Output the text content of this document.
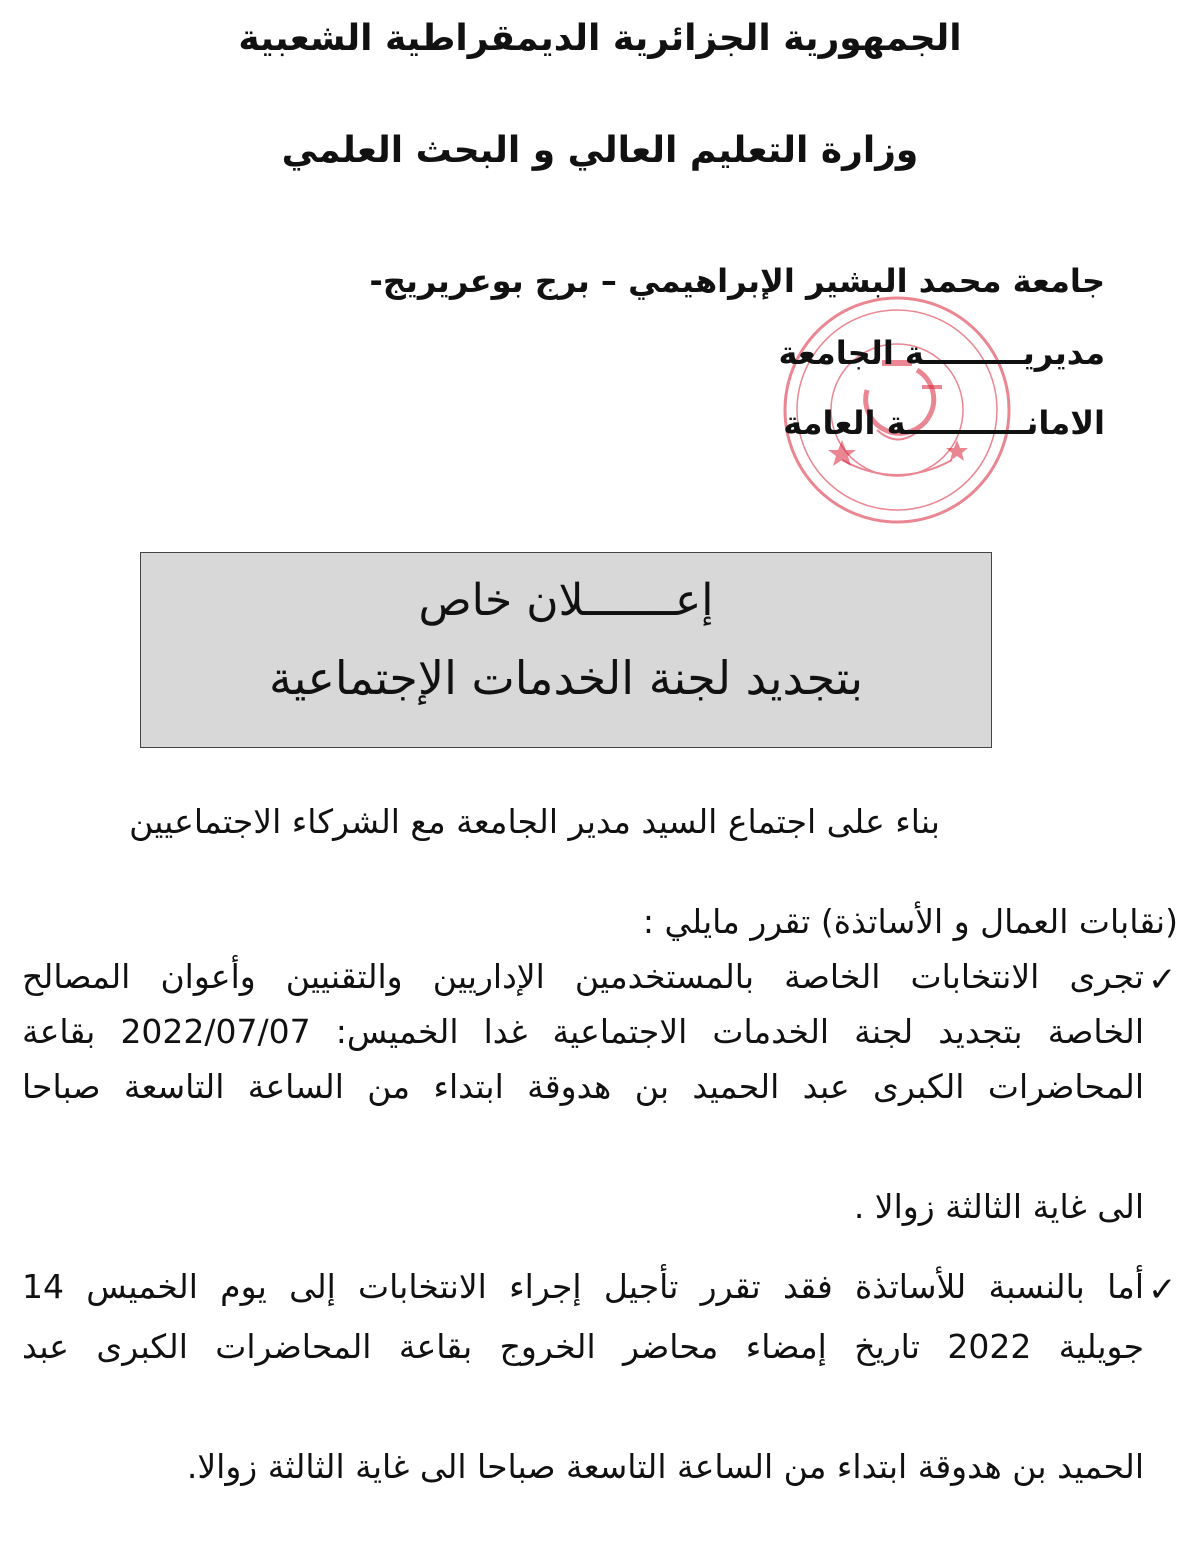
الجمهورية الجزائرية الديمقراطية الشعبية
وزارة التعليم العالي و البحث العلمي
جامعة محمد البشير الإبراهيمي – برج بوعريريج-
مديريـــــــــة الجامعة
الامانـــــــــــة العامة
إعـــــــلان خاص
بتجديد لجنة الخدمات الإجتماعية
بناء على اجتماع السيد مدير الجامعة مع الشركاء الاجتماعيين
(نقابات العمال و الأساتذة) تقرر مايلي :
✓
تجرى الانتخابات الخاصة بالمستخدمين الإداريين والتقنيين وأعوان المصالح
الخاصة بتجديد لجنة الخدمات الاجتماعية غدا الخميس: 2022/07/07 بقاعة
المحاضرات الكبرى عبد الحميد بن هدوقة ابتداء من الساعة التاسعة صباحا
الى غاية الثالثة زوالا .
✓
أما بالنسبة للأساتذة فقد تقرر تأجيل إجراء الانتخابات إلى يوم الخميس 14
جويلية 2022 تاريخ إمضاء محاضر الخروج بقاعة المحاضرات الكبرى عبد
الحميد بن هدوقة ابتداء من الساعة التاسعة صباحا الى غاية الثالثة زوالا.
